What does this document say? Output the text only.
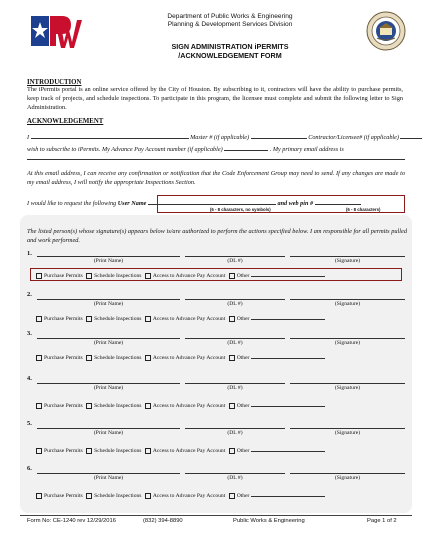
Department of Public Works & Engineering
Planning & Development Services Division
SIGN ADMINISTRATION iPERMITS
/ACKNOWLEDGEMENT FORM
INTRODUCTION
The iPermits portal is an online service offered by the City of Houston. By subscribing to it, contractors will have the ability to purchase permits, keep track of projects, and schedule inspections. To participate in this program, the licensee must complete and submit the following letter to Sign Administration.
ACKNOWLEDGEMENT
I	Master # (if applicable)	Contractor/Licensee# (if applicable)
wish to subscribe to iPermits. My Advance Pay Account number (if applicable)	. My primary email address is
At this email address, I can receive any confirmation or notification that the Code Enforcement Group may need to send. If any changes are made to my email address, I will notify the appropriate Inspections Section.
I would like to request the following User Name	and web pin #
(6 - 8 characters, no symbols)	(6 - 8 characters)
The listed person(s) whose signature(s) appears below is/are authorized to perform the actions specified below. I am responsible for all permits pulled and work performed.
1.
(Print Name)	(DL #)	(Signature)
Purchase Permits Schedule Inspections Access to Advance Pay Account Other
2.
(Print Name)	(DL #)	(Signature)
Purchase Permits Schedule Inspections Access to Advance Pay Account Other
3.
(Print Name)	(DL #)	(Signature)
Purchase Permits Schedule Inspections Access to Advance Pay Account Other
4.
(Print Name)	(DL #)	(Signature)
Purchase Permits Schedule Inspections Access to Advance Pay Account Other
5.
(Print Name)	(DL #)	(Signature)
Purchase Permits Schedule Inspections Access to Advance Pay Account Other
6.
(Print Name)	(DL #)	(Signature)
Purchase Permits Schedule Inspections Access to Advance Pay Account Other
Form No: CE-1240 rev 12/29/2016	(832) 394-8890	Public Works & Engineering	Page 1 of 2
